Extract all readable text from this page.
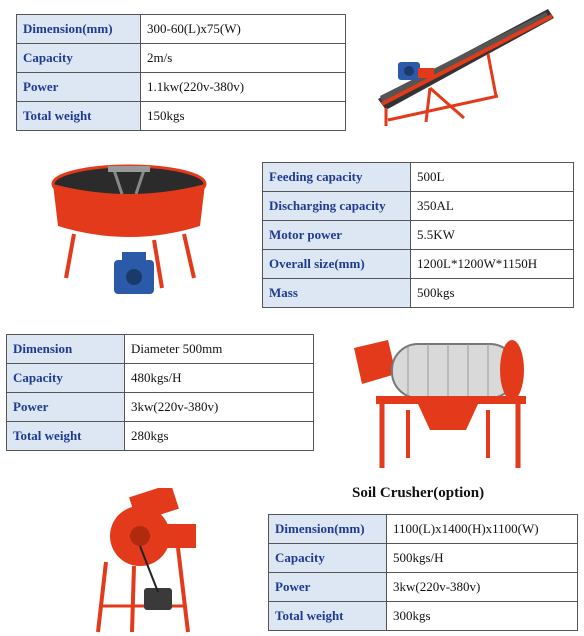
Dimension(mm)	300-60(L)x75(W)
Capacity	2m/s
Power	1.1kw(220v-380v)
Total weight	150kgs
Feeding capacity	500L
Discharging capacity	350AL
Motor power	5.5KW
Overall size(mm)	1200L*1200W*1150H
Mass	500kgs
Dimension	Diameter 500mm
Capacity	480kgs/H
Power	3kw(220v-380v)
Total weight	280kgs
Soil Crusher(option)
Dimension(mm)	1100(L)x1400(H)x1100(W)
Capacity	500kgs/H
Power	3kw(220v-380v)
Total weight	300kgs
